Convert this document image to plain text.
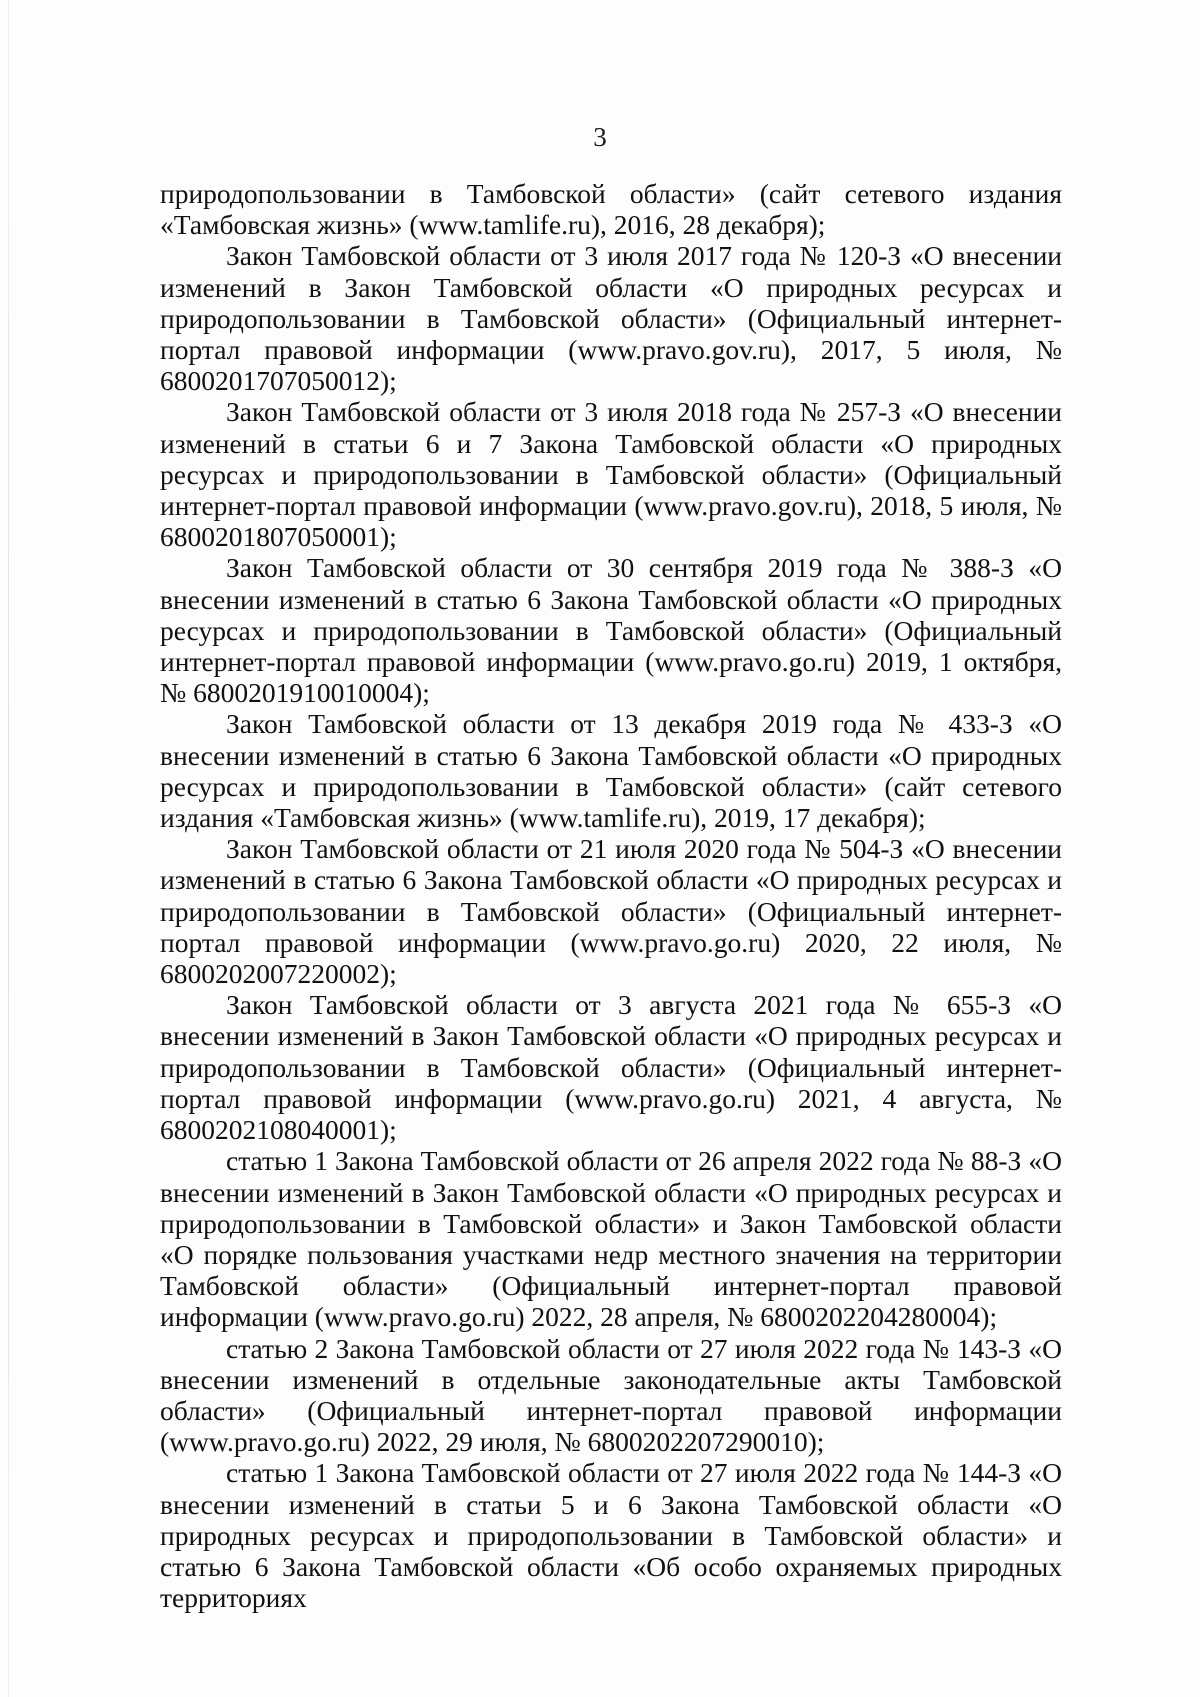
3

природопользовании в Тамбовской области» (сайт сетевого издания «Тамбовская жизнь» (www.tamlife.ru), 2016, 28 декабря);

Закон Тамбовской области от 3 июля 2017 года № 120-З «О внесении изменений в Закон Тамбовской области «О природных ресурсах и природопользовании в Тамбовской области» (Официальный интернет-портал правовой информации (www.pravo.gov.ru), 2017, 5 июля, № 6800201707050012);

Закон Тамбовской области от 3 июля 2018 года № 257-З «О внесении изменений в статьи 6 и 7 Закона Тамбовской области «О природных ресурсах и природопользовании в Тамбовской области» (Официальный интернет-портал правовой информации (www.pravo.gov.ru), 2018, 5 июля, № 6800201807050001);

Закон Тамбовской области от 30 сентября 2019 года № 388-З «О внесении изменений в статью 6 Закона Тамбовской области «О природных ресурсах и природопользовании в Тамбовской области» (Официальный интернет-портал правовой информации (www.pravo.go.ru) 2019, 1 октября, № 6800201910010004);

Закон Тамбовской области от 13 декабря 2019 года № 433-З «О внесении изменений в статью 6 Закона Тамбовской области «О природных ресурсах и природопользовании в Тамбовской области» (сайт сетевого издания «Тамбовская жизнь» (www.tamlife.ru), 2019, 17 декабря);

Закон Тамбовской области от 21 июля 2020 года № 504-З «О внесении изменений в статью 6 Закона Тамбовской области «О природных ресурсах и природопользовании в Тамбовской области» (Официальный интернет-портал правовой информации (www.pravo.go.ru) 2020, 22 июля, № 6800202007220002);

Закон Тамбовской области от 3 августа 2021 года № 655-З «О внесении изменений в Закон Тамбовской области «О природных ресурсах и природопользовании в Тамбовской области» (Официальный интернет-портал правовой информации (www.pravo.go.ru) 2021, 4 августа, № 6800202108040001);

статью 1 Закона Тамбовской области от 26 апреля 2022 года № 88-З «О внесении изменений в Закон Тамбовской области «О природных ресурсах и природопользовании в Тамбовской области» и Закон Тамбовской области «О порядке пользования участками недр местного значения на территории Тамбовской области» (Официальный интернет-портал правовой информации (www.pravo.go.ru) 2022, 28 апреля, № 6800202204280004);

статью 2 Закона Тамбовской области от 27 июля 2022 года № 143-З «О внесении изменений в отдельные законодательные акты Тамбовской области» (Официальный интернет-портал правовой информации (www.pravo.go.ru) 2022, 29 июля, № 6800202207290010);

статью 1 Закона Тамбовской области от 27 июля 2022 года № 144-З «О внесении изменений в статьи 5 и 6 Закона Тамбовской области «О природных ресурсах и природопользовании в Тамбовской области» и статью 6 Закона Тамбовской области «Об особо охраняемых природных территориях
